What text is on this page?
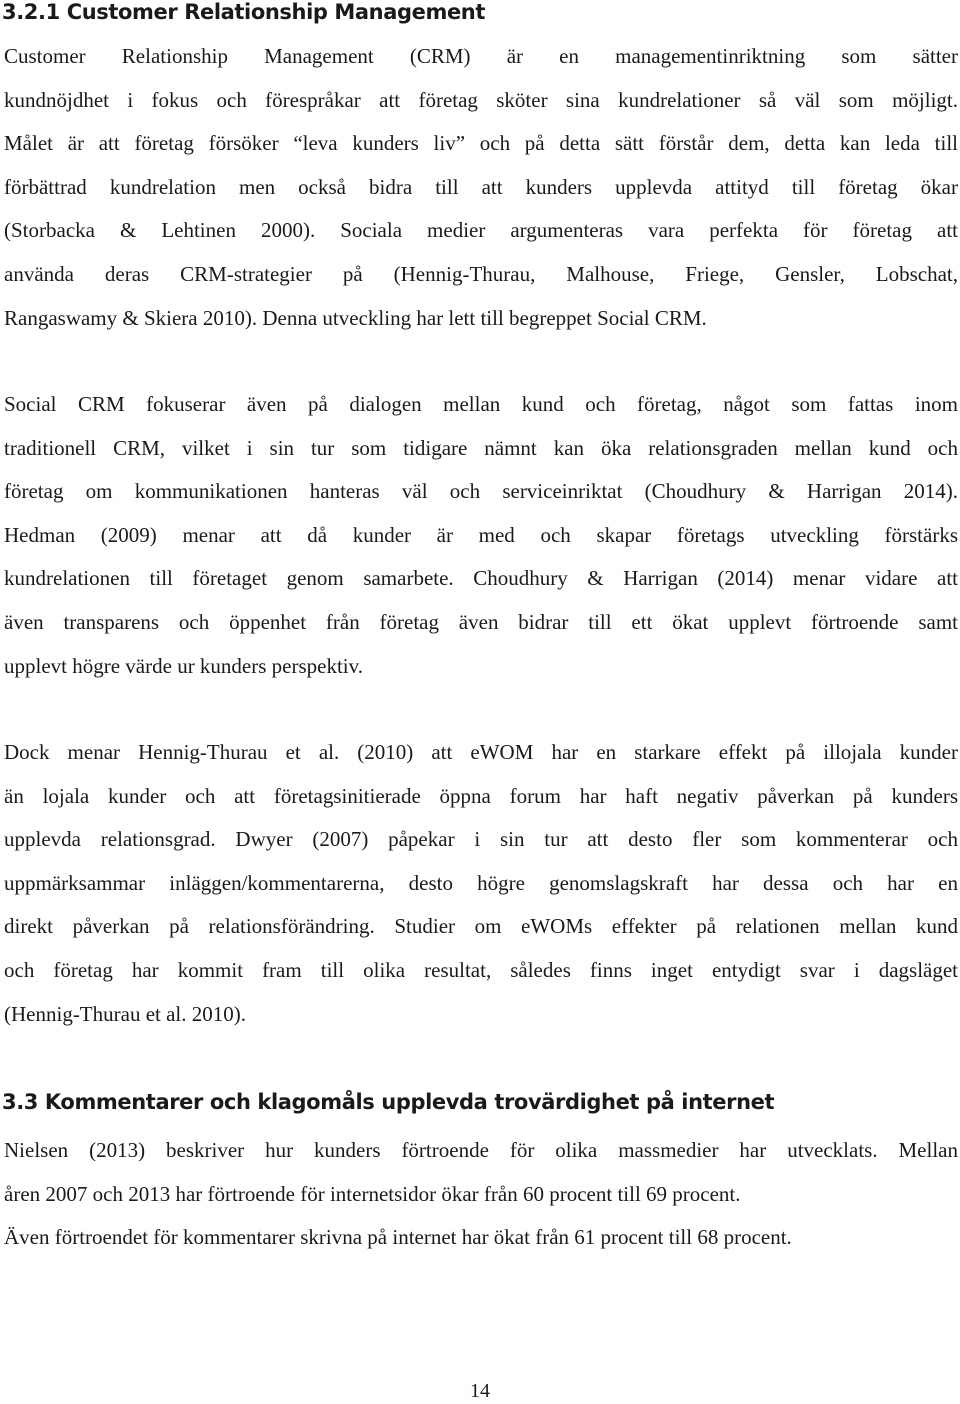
3.2.1 Customer Relationship Management
Customer Relationship Management (CRM) är en managementinriktning som sätter
kundnöjdhet i fokus och förespråkar att företag sköter sina kundrelationer så väl som möjligt.
Målet är att företag försöker “leva kunders liv” och på detta sätt förstår dem, detta kan leda till
förbättrad kundrelation men också bidra till att kunders upplevda attityd till företag ökar
(Storbacka & Lehtinen 2000). Sociala medier argumenteras vara perfekta för företag att
använda deras CRM-strategier på (Hennig-Thurau, Malhouse, Friege, Gensler, Lobschat,
Rangaswamy & Skiera 2010). Denna utveckling har lett till begreppet Social CRM.
Social CRM fokuserar även på dialogen mellan kund och företag, något som fattas inom
traditionell CRM, vilket i sin tur som tidigare nämnt kan öka relationsgraden mellan kund och
företag om kommunikationen hanteras väl och serviceinriktat (Choudhury & Harrigan 2014).
Hedman (2009) menar att då kunder är med och skapar företags utveckling förstärks
kundrelationen till företaget genom samarbete. Choudhury & Harrigan (2014) menar vidare att
även transparens och öppenhet från företag även bidrar till ett ökat upplevt förtroende samt
upplevt högre värde ur kunders perspektiv.
Dock menar Hennig-Thurau et al. (2010) att eWOM har en starkare effekt på illojala kunder
än lojala kunder och att företagsinitierade öppna forum har haft negativ påverkan på kunders
upplevda relationsgrad. Dwyer (2007) påpekar i sin tur att desto fler som kommenterar och
uppmärksammar inläggen/kommentarerna, desto högre genomslagskraft har dessa och har en
direkt påverkan på relationsförändring. Studier om eWOMs effekter på relationen mellan kund
och företag har kommit fram till olika resultat, således finns inget entydigt svar i dagsläget
(Hennig-Thurau et al. 2010).
3.3 Kommentarer och klagomåls upplevda trovärdighet på internet
Nielsen (2013) beskriver hur kunders förtroende för olika massmedier har utvecklats. Mellan
åren 2007 och 2013 har förtroende för internetsidor ökar från 60 procent till 69 procent.
Även förtroendet för kommentarer skrivna på internet har ökat från 61 procent till 68 procent.

14
